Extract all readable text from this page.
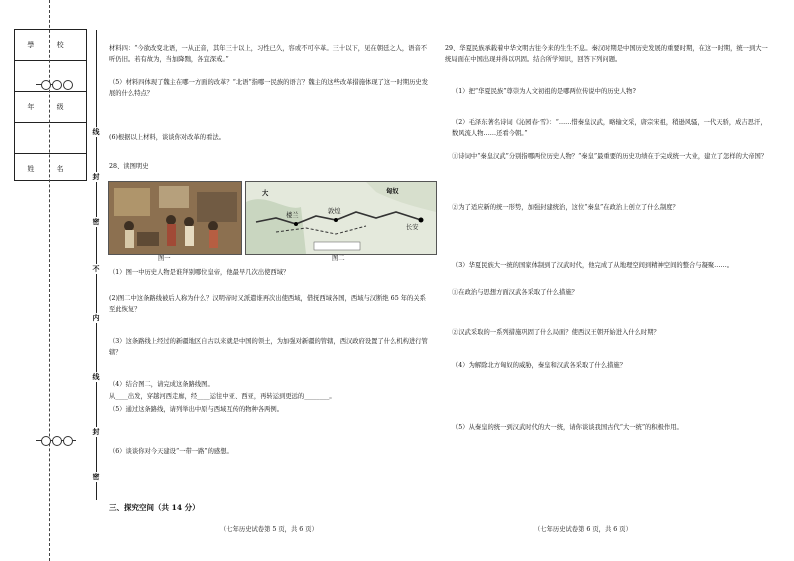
學 校
年 级
姓 名
线
封
密
不
内
线
封
密
材料四：“今欲改变北语，一从正音，其年三十以上，习性已久，容或不可卒革。三十以下，见在朝廷之人，语音不听仍旧。若有故为，当加降黜，各宜深戒。”
（5）材料四体现了魏主在哪一方面的改革？“北语”指哪一民族的语言？魏主的这些改革措施体现了这一时期历史发展的什么特点？
(6)根据以上材料，谈谈你对改革的看法。
28、读图明史
大
长安
敦煌
楼兰
匈奴
图一	图二
（1）图一中历史人物是谁拜别哪位皇帝，他最早几次出使西域？
(2)图二中这条路线被后人称为什么？汉明帝时又派遣谁再次出使西域，借抚西域各国，西域与汉断绝 65 年的关系至此恢复？
（3）这条路线上经过的新疆地区自古以来就是中国的领土，为加强对新疆的管辖，西汉政府设置了什么机构进行管辖？
（4）结合图二，请完成这条路线图。
从____出发，穿越河西走廊，经____运往中亚、西亚，再转运到更远的________。
（5）通过这条路线，请列举出中原与西域互传的物种各两例。
（6）谈谈你对今天建设“一带一路”的感想。
三、探究空间（共 14 分）
（七年历史试卷第 5 页，共 6 页）
29、华夏民族承载着中华文明古往今来的生生不息。秦汉时期是中国历史发展的重要时期，在这一时期，统一到大一统局面在中国出现并得以巩固。结合所学知识，回答下列问题。
（1）把“华夏民族”尊崇为人文初祖的是哪两位传说中的历史人物?
（2）毛泽东著名诗词《沁园春·雪》：“……惜秦皇汉武，略输文采，唐宗宋祖，稍逊风骚，一代天骄，成吉思汗，数风流人物……还看今朝。”
①诗词中“秦皇汉武”分别指哪两位历史人物？“秦皇”最重要的历史功绩在于完成统一大业，建立了怎样的大帝国？
②为了适应新的统一形势，加强封建统治，这位“秦皇”在政治上创立了什么制度？
（3）华夏民族大一统的国家体制到了汉武时代，他完成了从地理空间到精神空间的整合与凝聚……。
①在政治与思想方面汉武各采取了什么措施？
②汉武采取的一系列措施巩固了什么局面？使西汉王朝开始进入什么时期？
（4）为解除北方匈奴的威胁，秦皇和汉武各采取了什么措施？
（5）从秦皇的统一到汉武时代的大一统，请你谈谈我国古代“大一统”的积极作用。
（七年历史试卷第 6 页，共 6 页）
